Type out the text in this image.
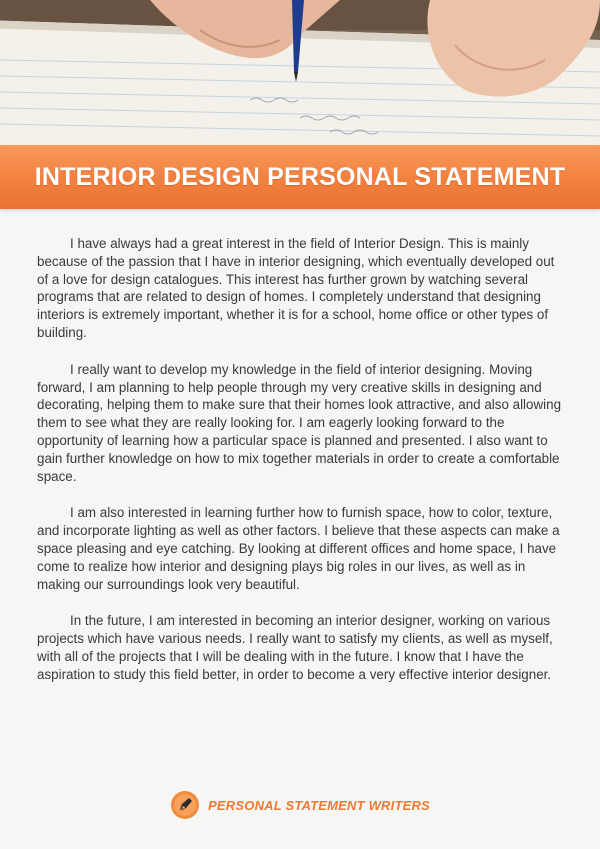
INTERIOR DESIGN PERSONAL STATEMENT

I have always had a great interest in the field of Interior Design. This is mainly because of the passion that I have in interior designing, which eventually developed out of a love for design catalogues. This interest has further grown by watching several programs that are related to design of homes. I completely understand that designing interiors is extremely important, whether it is for a school, home office or other types of building.

I really want to develop my knowledge in the field of interior designing. Moving forward, I am planning to help people through my very creative skills in designing and decorating, helping them to make sure that their homes look attractive, and also allowing them to see what they are really looking for. I am eagerly looking forward to the opportunity of learning how a particular space is planned and presented. I also want to gain further knowledge on how to mix together materials in order to create a comfortable space.

I am also interested in learning further how to furnish space, how to color, texture, and incorporate lighting as well as other factors. I believe that these aspects can make a space pleasing and eye catching. By looking at different offices and home space, I have come to realize how interior and designing plays big roles in our lives, as well as in making our surroundings look very beautiful.

In the future, I am interested in becoming an interior designer, working on various projects which have various needs. I really want to satisfy my clients, as well as myself, with all of the projects that I will be dealing with in the future. I know that I have the aspiration to study this field better, in order to become a very effective interior designer.

PERSONAL STATEMENT WRITERS
